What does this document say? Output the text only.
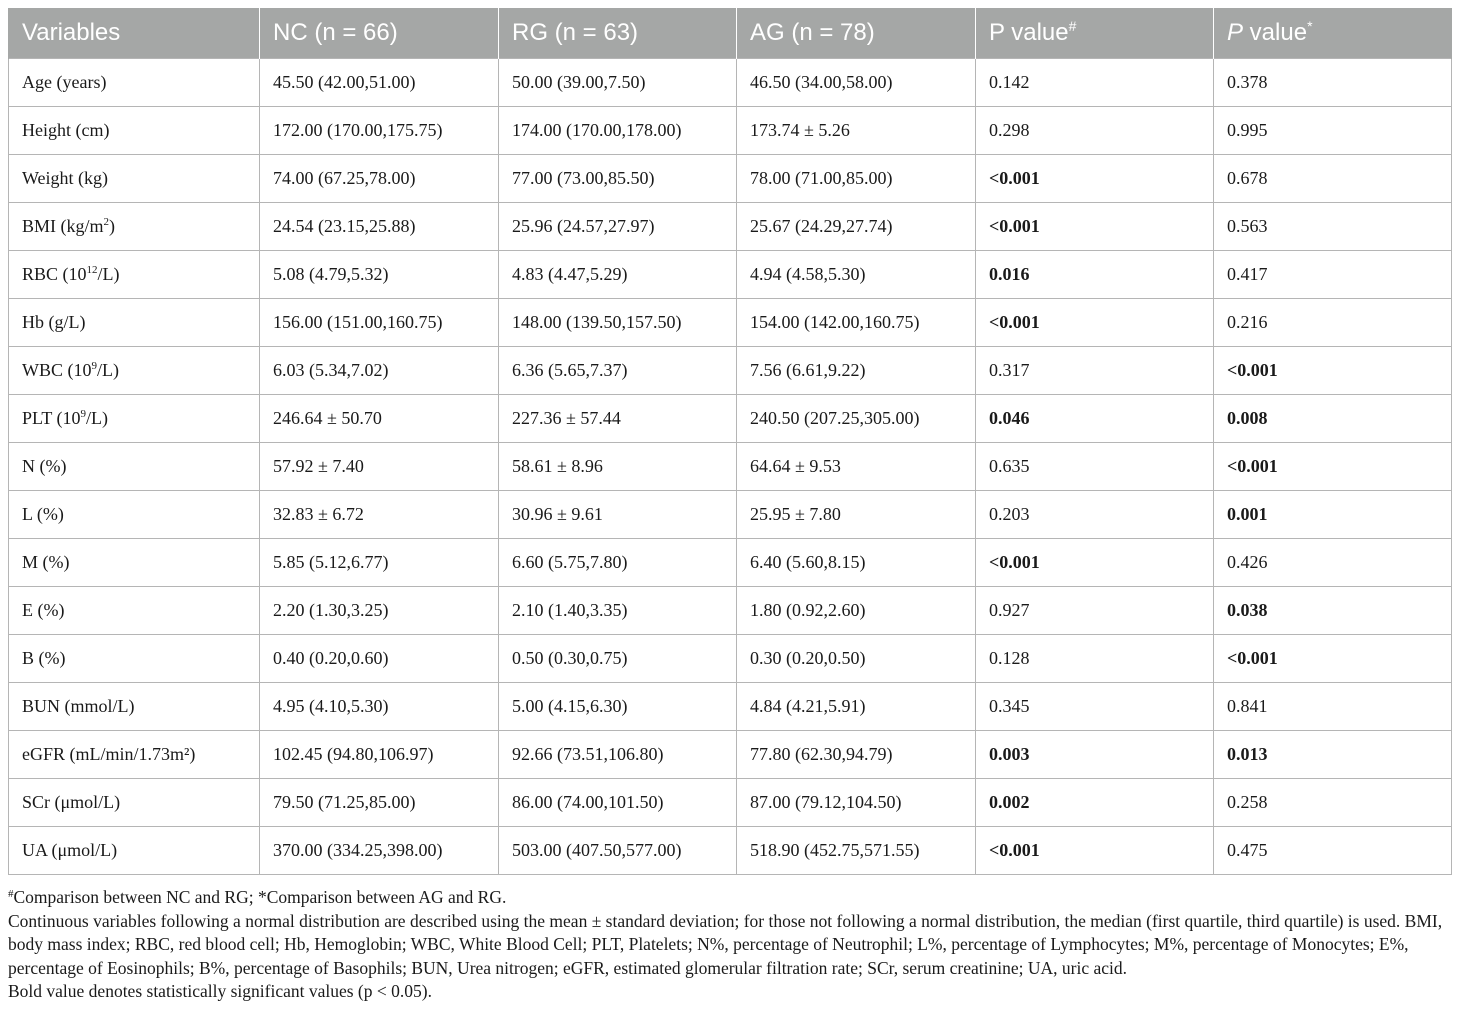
Variables	NC (n = 66)	RG (n = 63)	AG (n = 78)	P value#	P value*
Age (years)	45.50 (42.00,51.00)	50.00 (39.00,7.50)	46.50 (34.00,58.00)	0.142	0.378
Height (cm)	172.00 (170.00,175.75)	174.00 (170.00,178.00)	173.74 ± 5.26	0.298	0.995
Weight (kg)	74.00 (67.25,78.00)	77.00 (73.00,85.50)	78.00 (71.00,85.00)	<0.001	0.678
BMI $(kg/m^2)$	24.54 (23.15,25.88)	25.96 (24.57,27.97)	25.67 (24.29,27.74)	<0.001	0.563
RBC $(10^{12}/L)$	5.08 (4.79,5.32)	4.83 (4.47,5.29)	4.94 (4.58,5.30)	0.016	0.417
Hb (g/L)	156.00 (151.00,160.75)	148.00 (139.50,157.50)	154.00 (142.00,160.75)	<0.001	0.216
WBC $(10^9/L)$	6.03 (5.34,7.02)	6.36 (5.65,7.37)	7.56 (6.61,9.22)	0.317	<0.001
PLT $(10^9/L)$	246.64 ± 50.70	227.36 ± 57.44	240.50 (207.25,305.00)	0.046	0.008
N (%)	57.92 ± 7.40	58.61 ± 8.96	64.64 ± 9.53	0.635	<0.001
L (%)	32.83 ± 6.72	30.96 ± 9.61	25.95 ± 7.80	0.203	0.001
M (%)	5.85 (5.12,6.77)	6.60 (5.75,7.80)	6.40 (5.60,8.15)	<0.001	0.426
E (%)	2.20 (1.30,3.25)	2.10 (1.40,3.35)	1.80 (0.92,2.60)	0.927	0.038
B (%)	0.40 (0.20,0.60)	0.50 (0.30,0.75)	0.30 (0.20,0.50)	0.128	<0.001
BUN (mmol/L)	4.95 (4.10,5.30)	5.00 (4.15,6.30)	4.84 (4.21,5.91)	0.345	0.841
eGFR (mL/min/1.73m²)	102.45 (94.80,106.97)	92.66 (73.51,106.80)	77.80 (62.30,94.79)	0.003	0.013
SCr (μmol/L)	79.50 (71.25,85.00)	86.00 (74.00,101.50)	87.00 (79.12,104.50)	0.002	0.258
UA (μmol/L)	370.00 (334.25,398.00)	503.00 (407.50,577.00)	518.90 (452.75,571.55)	<0.001	0.475

#Comparison between NC and RG; *Comparison between AG and RG.

Continuous variables following a normal distribution are described using the mean ± standard deviation; for those not following a normal distribution, the median (first quartile, third quartile) is used. BMI, body mass index; RBC, red blood cell; Hb, Hemoglobin; WBC, White Blood Cell; PLT, Platelets; N%, percentage of Neutrophil; L%, percentage of Lymphocytes; M%, percentage of Monocytes; E%, percentage of Eosinophils; B%, percentage of Basophils; BUN, Urea nitrogen; eGFR, estimated glomerular filtration rate; SCr, serum creatinine; UA, uric acid.

Bold value denotes statistically significant values (p < 0.05).
